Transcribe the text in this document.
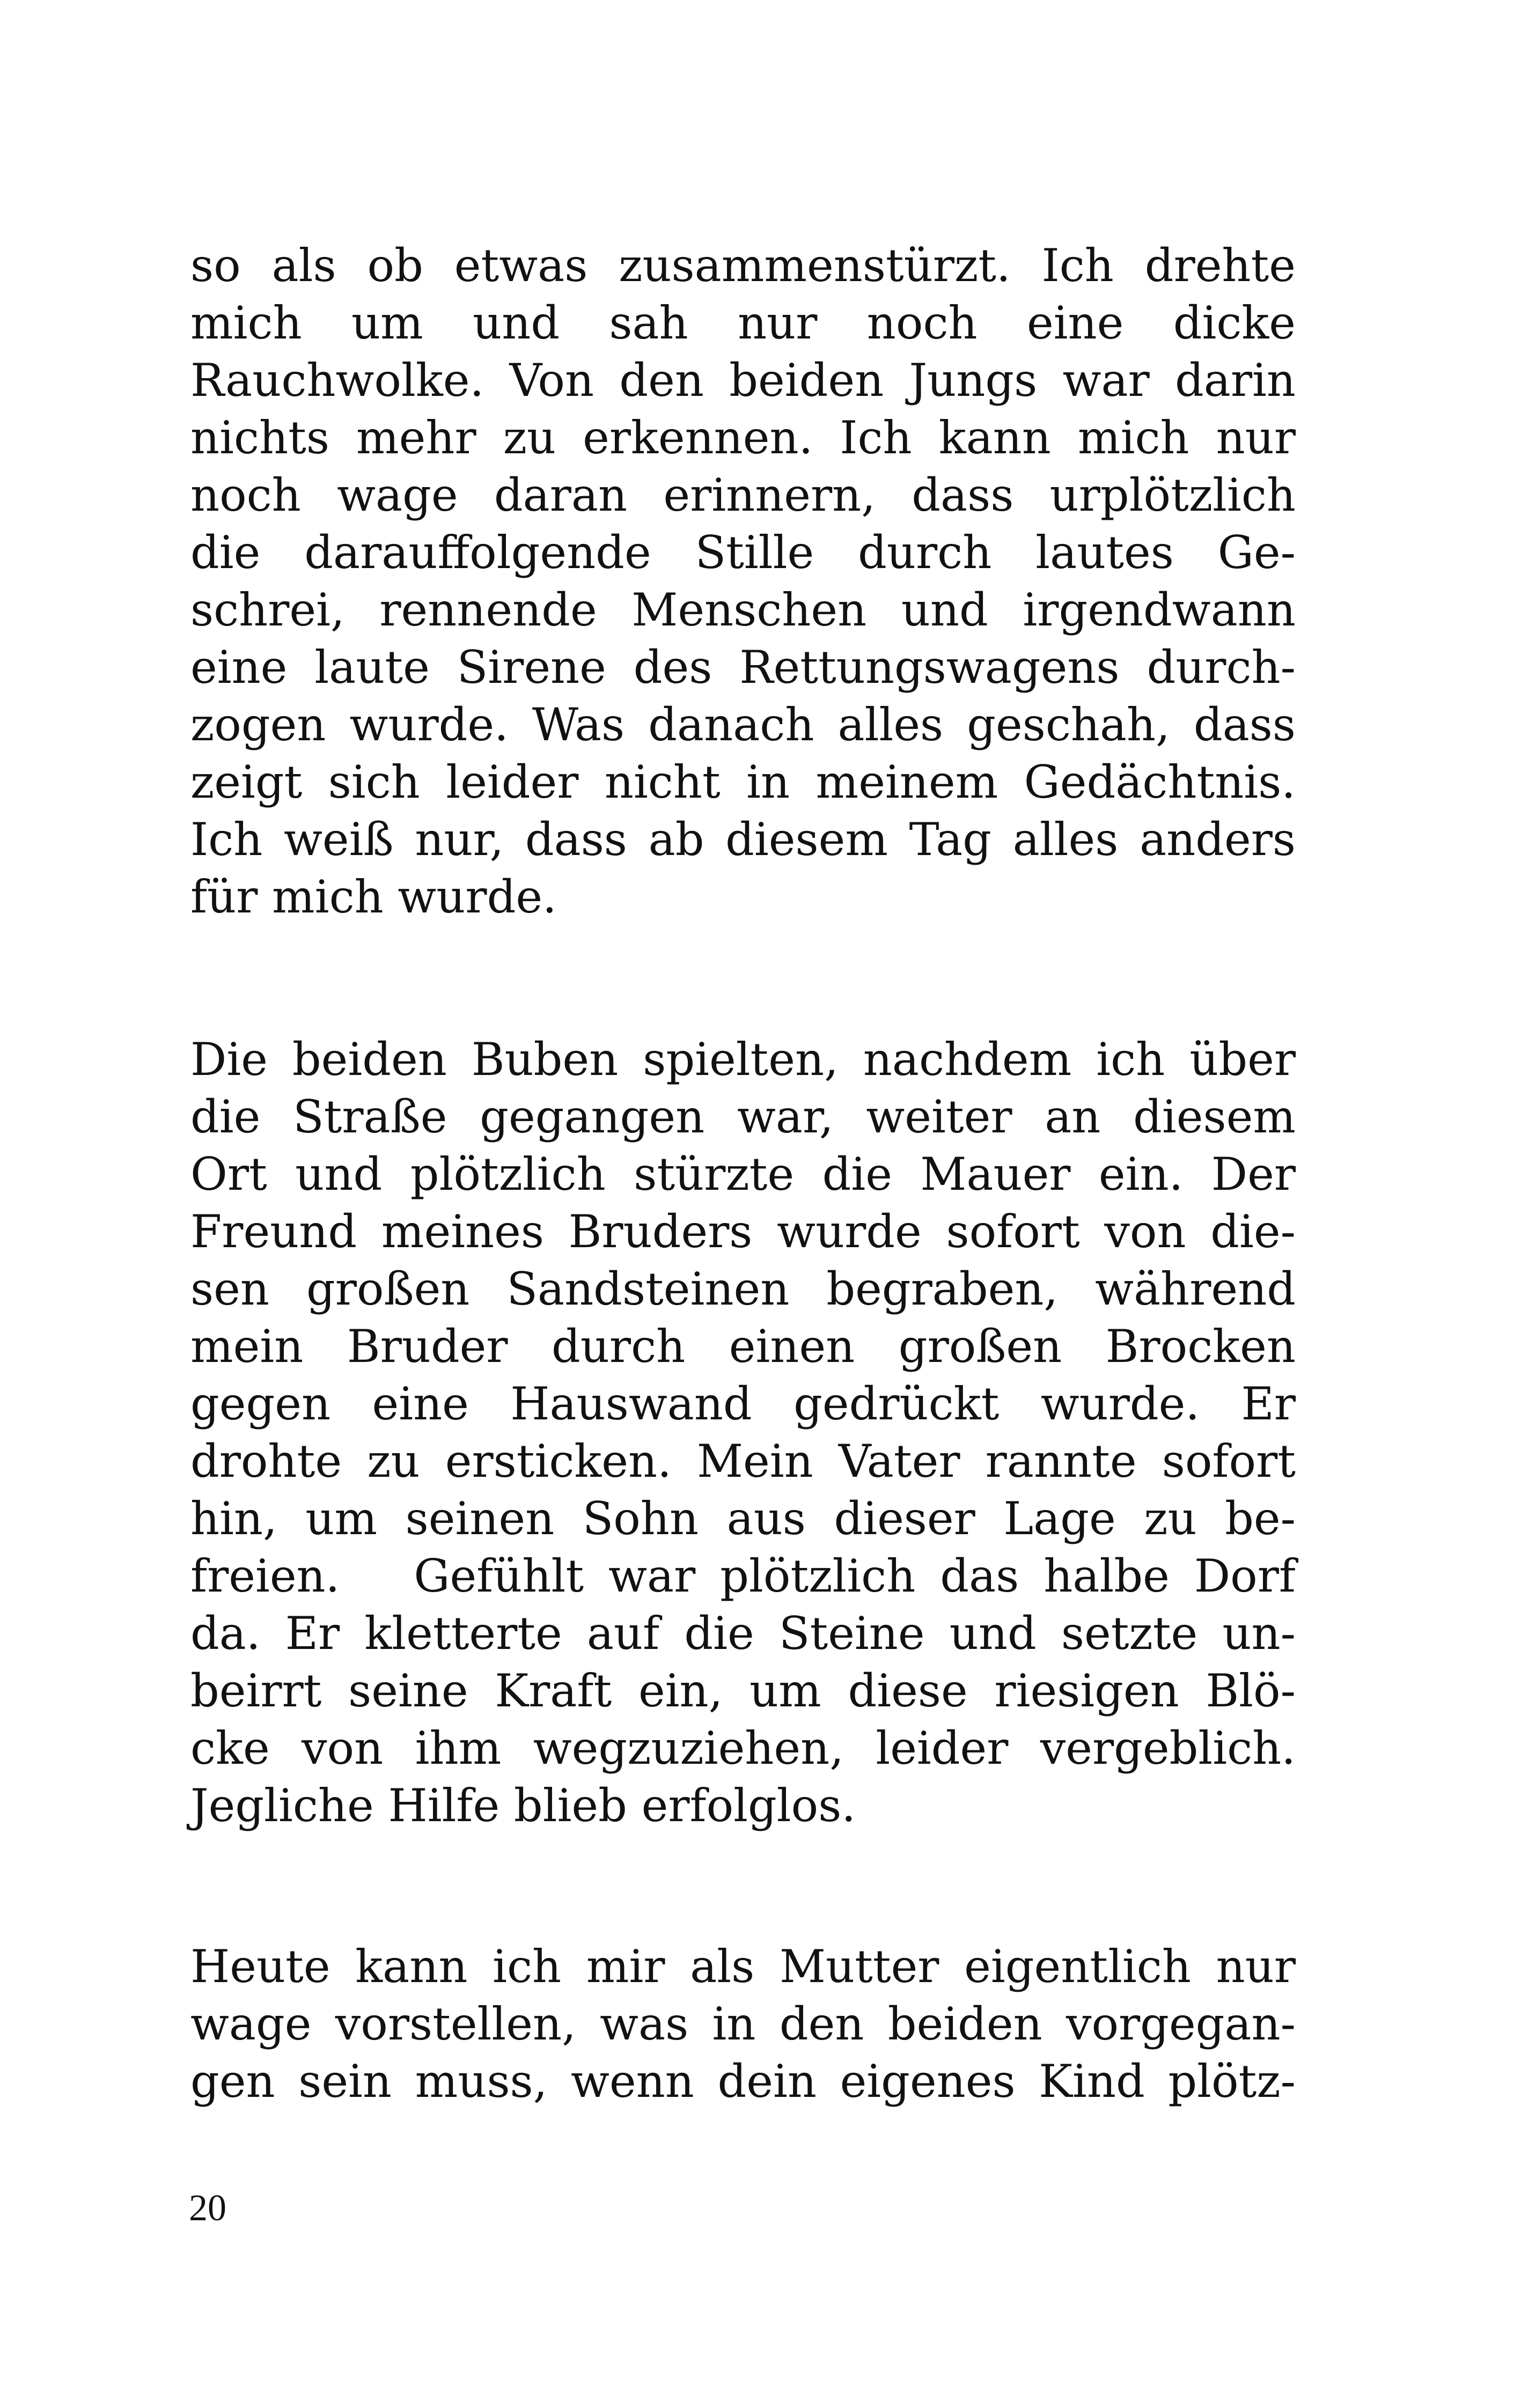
so als ob etwas zusammenstürzt. Ich drehte
mich um und sah nur noch eine dicke
Rauchwolke. Von den beiden Jungs war darin
nichts mehr zu erkennen. Ich kann mich nur
noch wage daran erinnern, dass urplötzlich
die darauffolgende Stille durch lautes Ge-
schrei, rennende Menschen und irgendwann
eine laute Sirene des Rettungswagens durch-
zogen wurde. Was danach alles geschah, dass
zeigt sich leider nicht in meinem Gedächtnis.
Ich weiß nur, dass ab diesem Tag alles anders
für mich wurde.
Die beiden Buben spielten, nachdem ich über
die Straße gegangen war, weiter an diesem
Ort und plötzlich stürzte die Mauer ein. Der
Freund meines Bruders wurde sofort von die-
sen großen Sandsteinen begraben, während
mein Bruder durch einen großen Brocken
gegen eine Hauswand gedrückt wurde. Er
drohte zu ersticken. Mein Vater rannte sofort
hin, um seinen Sohn aus dieser Lage zu be-
freien.   Gefühlt war plötzlich das halbe Dorf
da. Er kletterte auf die Steine und setzte un-
beirrt seine Kraft ein, um diese riesigen Blö-
cke von ihm wegzuziehen, leider vergeblich.
Jegliche Hilfe blieb erfolglos.
Heute kann ich mir als Mutter eigentlich nur
wage vorstellen, was in den beiden vorgegan-
gen sein muss, wenn dein eigenes Kind plötz-
20
